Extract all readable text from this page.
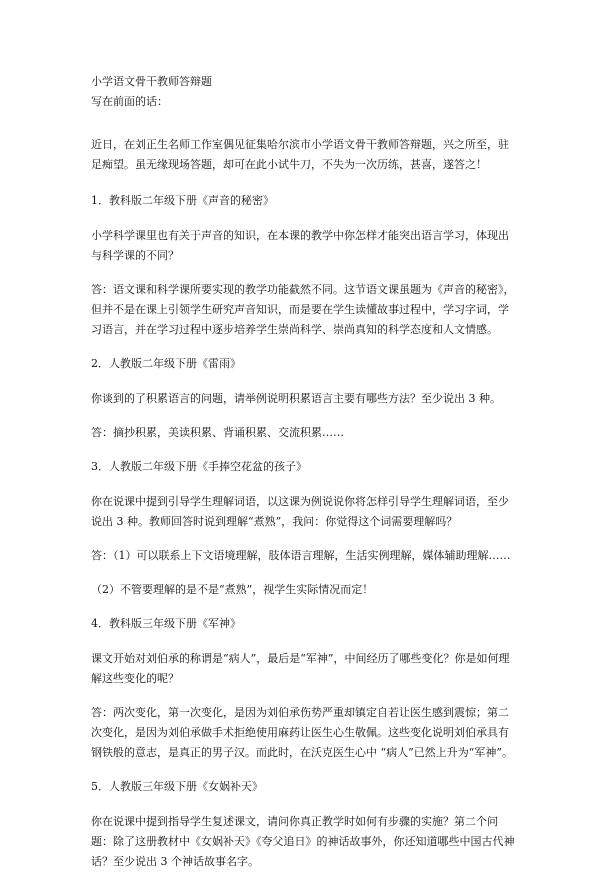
小学语文骨干教师答辩题

写在前面的话：

近日，在刘正生名师工作室偶见征集哈尔滨市小学语文骨干教师答辩题，兴之所至，驻足痴望。虽无缘现场答题，却可在此小试牛刀，不失为一次历练，甚喜，遂答之！

1．教科版二年级下册《声音的秘密》

小学科学课里也有关于声音的知识，在本课的教学中你怎样才能突出语言学习，体现出与科学课的不同？

答：语文课和科学课所要实现的教学功能截然不同。这节语文课虽题为《声音的秘密》，但并不是在课上引领学生研究声音知识，而是要在学生读懂故事过程中，学习字词，学习语言，并在学习过程中逐步培养学生崇尚科学、崇尚真知的科学态度和人文情感。

2．人教版二年级下册《雷雨》

你谈到的了积累语言的问题，请举例说明积累语言主要有哪些方法？至少说出 3 种。

答：摘抄积累，美读积累、背诵积累、交流积累……

3．人教版二年级下册《手捧空花盆的孩子》

你在说课中提到引导学生理解词语，以这课为例说说你将怎样引导学生理解词语，至少说出 3 种。教师回答时说到理解“煮熟”，我问：你觉得这个词需要理解吗？

答：（1）可以联系上下文语境理解，肢体语言理解，生活实例理解，媒体辅助理解……

（2）不管要理解的是不是“煮熟”，视学生实际情况而定！

4．教科版三年级下册《军神》

课文开始对刘伯承的称谓是“病人”，最后是“军神”，中间经历了哪些变化？你是如何理解这些变化的呢？

答：两次变化，第一次变化，是因为刘伯承伤势严重却镇定自若让医生感到震惊；第二次变化，是因为刘伯承做手术拒绝使用麻药让医生心生敬佩。这些变化说明刘伯承具有钢铁般的意志，是真正的男子汉。而此时，在沃克医生心中 “病人”已然上升为“军神”。

5．人教版三年级下册《女娲补天》

你在说课中提到指导学生复述课文，请问你真正教学时如何有步骤的实施？第二个问题：除了这册教材中《女娲补天》《夸父追日》的神话故事外，你还知道哪些中国古代神话？至少说出 3 个神话故事名字。
